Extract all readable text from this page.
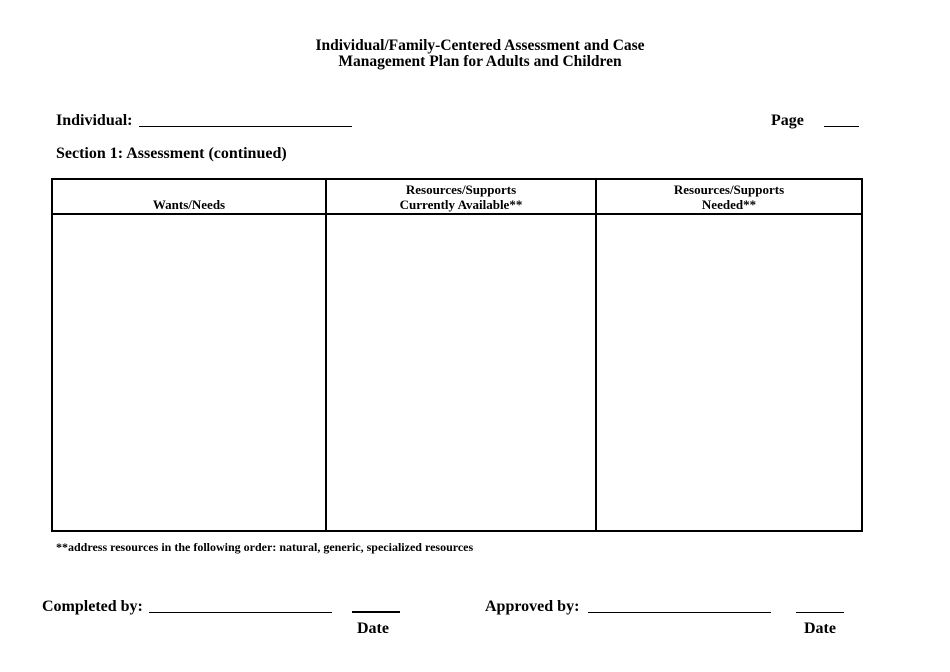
Individual/Family-Centered Assessment and Case
Management Plan for Adults and Children
Individual:	Page
Section 1: Assessment (continued)
Wants/Needs
Resources/Supports
Currently Available**
Resources/Supports
Needed**
**address resources in the following order: natural, generic, specialized resources
Completed by:
Date
Approved by:
Date
